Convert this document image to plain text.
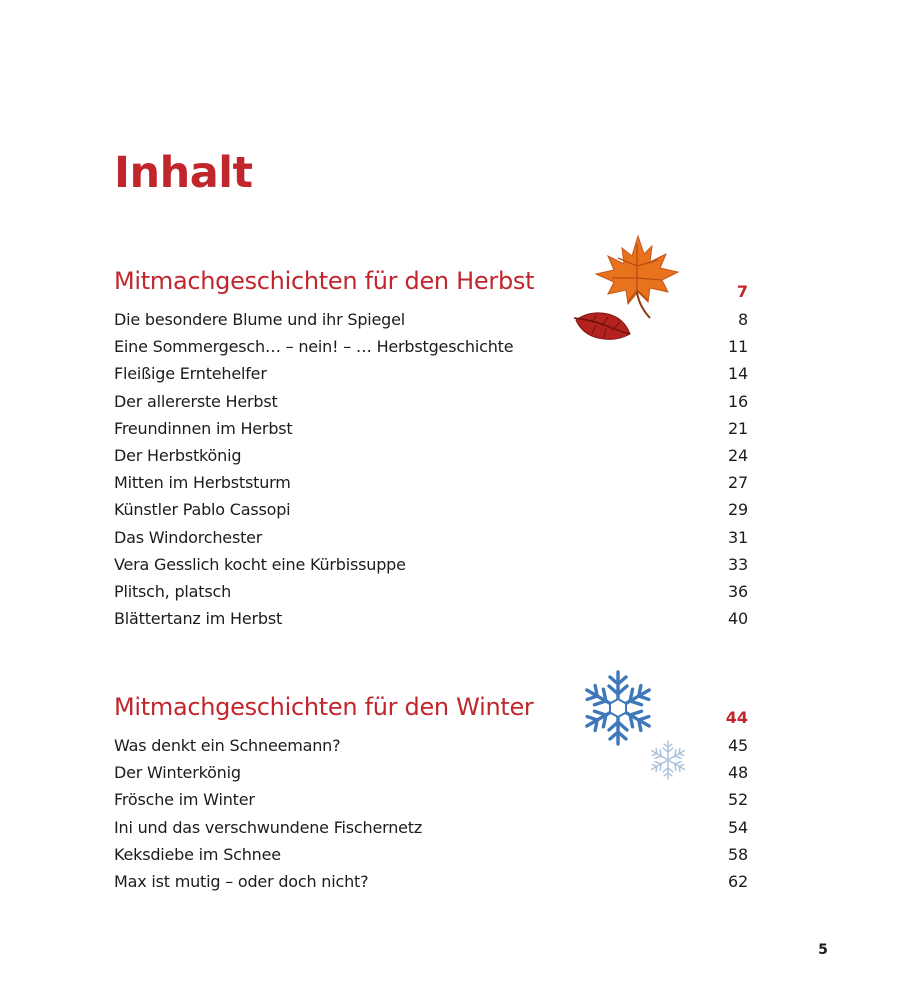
Inhalt
Mitmachgeschichten für den Herbst	7
Die besondere Blume und ihr Spiegel	8
Eine Sommergesch… – nein! – … Herbstgeschichte	11
Fleißige Erntehelfer	14
Der allererste Herbst	16
Freundinnen im Herbst	21
Der Herbstkönig	24
Mitten im Herbststurm	27
Künstler Pablo Cassopi	29
Das Windorchester	31
Vera Gesslich kocht eine Kürbissuppe	33
Plitsch, platsch	36
Blättertanz im Herbst	40
Mitmachgeschichten für den Winter	44
Was denkt ein Schneemann?	45
Der Winterkönig	48
Frösche im Winter	52
Ini und das verschwundene Fischernetz	54
Keksdiebe im Schnee	58
Max ist mutig – oder doch nicht?	62
5
